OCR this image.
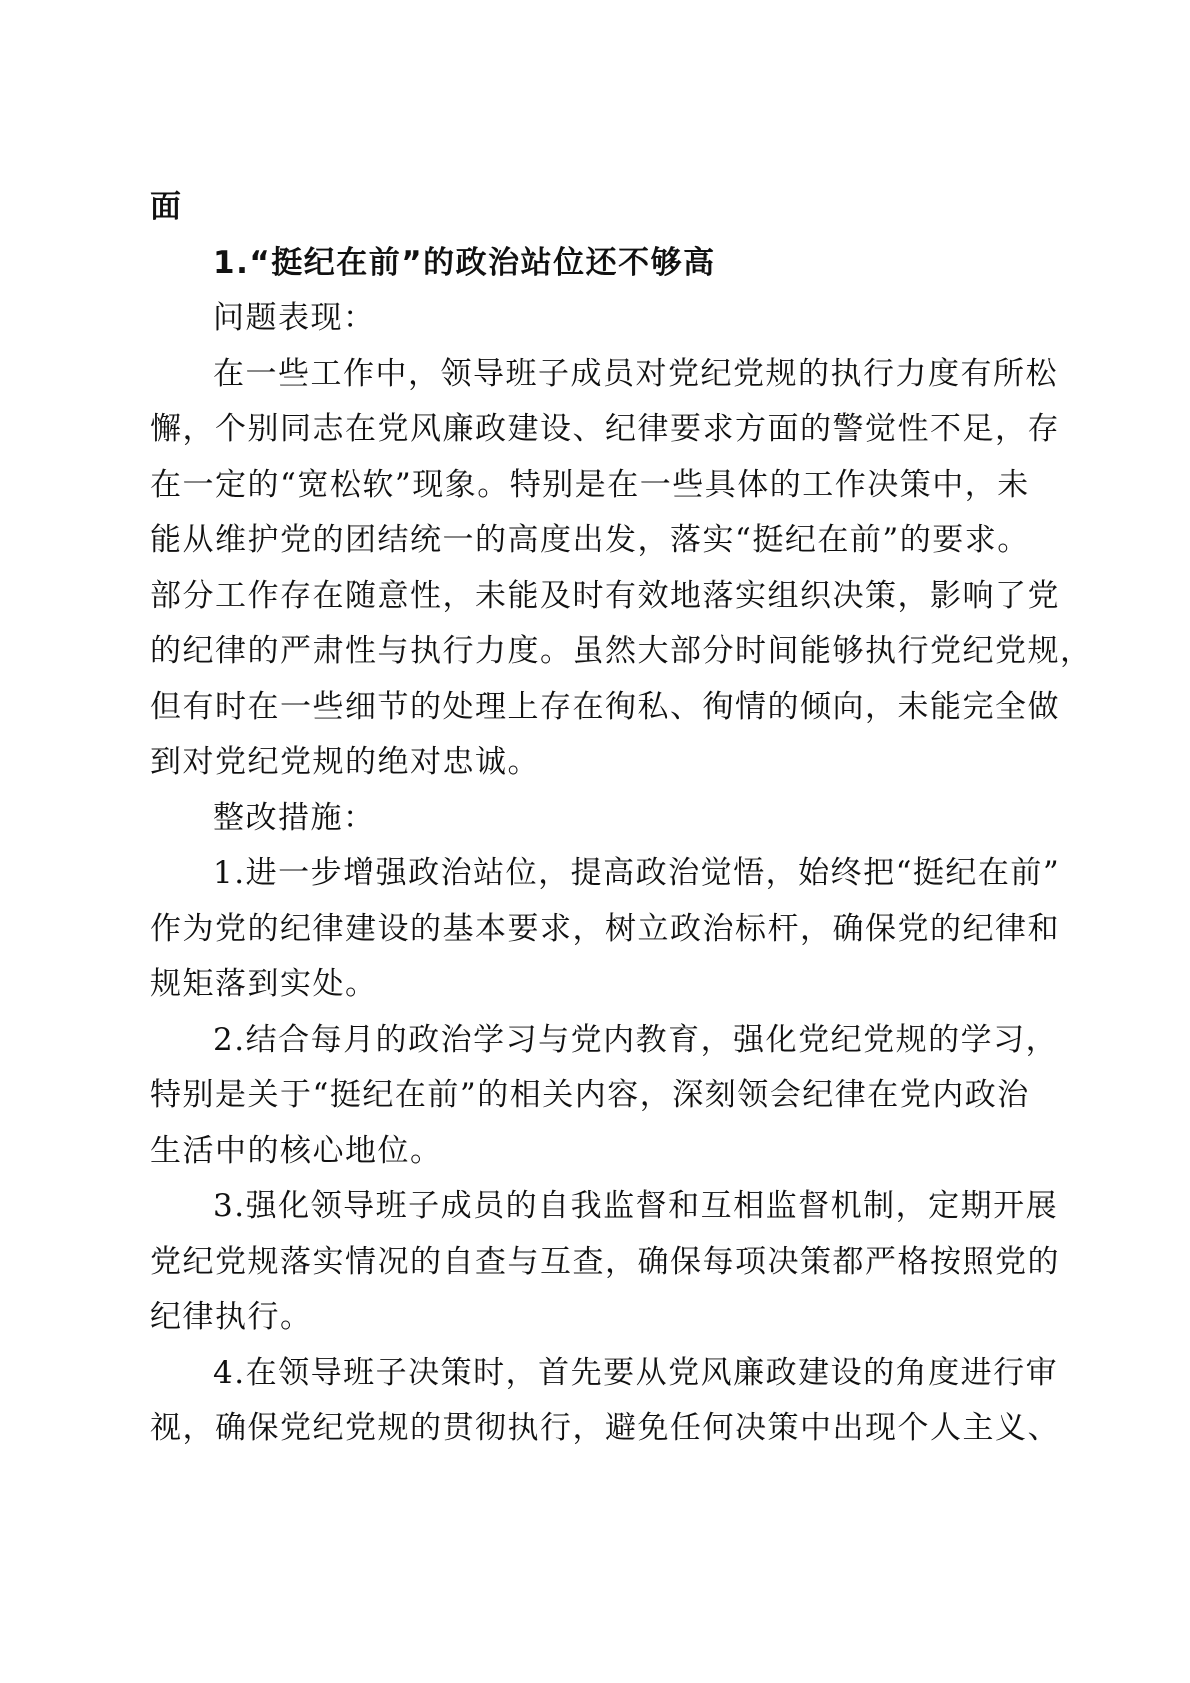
面
1.“挺纪在前”的政治站位还不够高
问题表现：
在一些工作中，领导班子成员对党纪党规的执行力度有所松
懈，个别同志在党风廉政建设、纪律要求方面的警觉性不足，存
在一定的“宽松软”现象。特别是在一些具体的工作决策中，未
能从维护党的团结统一的高度出发，落实“挺纪在前”的要求。
部分工作存在随意性，未能及时有效地落实组织决策，影响了党
的纪律的严肃性与执行力度。虽然大部分时间能够执行党纪党规，
但有时在一些细节的处理上存在徇私、徇情的倾向，未能完全做
到对党纪党规的绝对忠诚。
整改措施：
1.进一步增强政治站位，提高政治觉悟，始终把“挺纪在前”
作为党的纪律建设的基本要求，树立政治标杆，确保党的纪律和
规矩落到实处。
2.结合每月的政治学习与党内教育，强化党纪党规的学习，
特别是关于“挺纪在前”的相关内容，深刻领会纪律在党内政治
生活中的核心地位。
3.强化领导班子成员的自我监督和互相监督机制，定期开展
党纪党规落实情况的自查与互查，确保每项决策都严格按照党的
纪律执行。
4.在领导班子决策时，首先要从党风廉政建设的角度进行审
视，确保党纪党规的贯彻执行，避免任何决策中出现个人主义、
